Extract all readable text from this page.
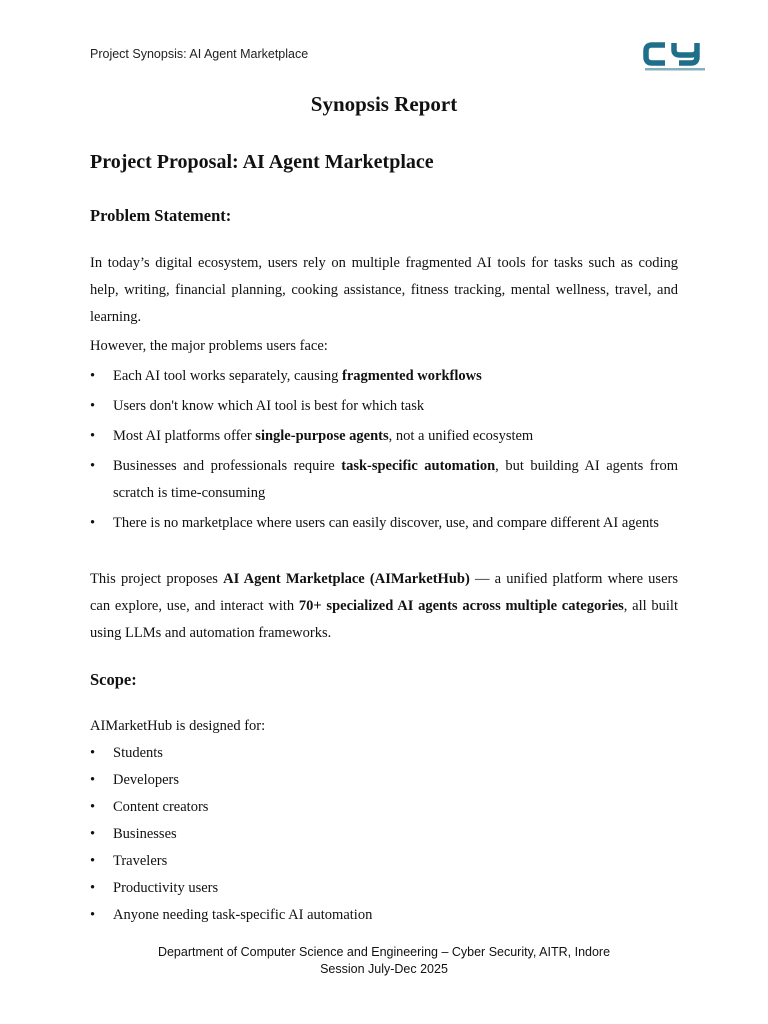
Project Synopsis: AI Agent Marketplace
Synopsis Report
Project Proposal: AI Agent Marketplace
Problem Statement:

In today’s digital ecosystem, users rely on multiple fragmented AI tools for tasks such as coding help, writing, financial planning, cooking assistance, fitness tracking, mental wellness, travel, and learning.

However, the major problems users face:

• Each AI tool works separately, causing fragmented workflows
• Users don't know which AI tool is best for which task
• Most AI platforms offer single-purpose agents, not a unified ecosystem
• Businesses and professionals require task-specific automation, but building AI agents from scratch is time-consuming
• There is no marketplace where users can easily discover, use, and compare different AI agents

This project proposes AI Agent Marketplace (AIMarketHub) — a unified platform where users can explore, use, and interact with 70+ specialized AI agents across multiple categories, all built using LLMs and automation frameworks.

Scope:

AIMarketHub is designed for:

• Students
• Developers
• Content creators
• Businesses
• Travelers
• Productivity users
• Anyone needing task-specific AI automation
Department of Computer Science and Engineering – Cyber Security, AITR, Indore
Session July-Dec 2025
